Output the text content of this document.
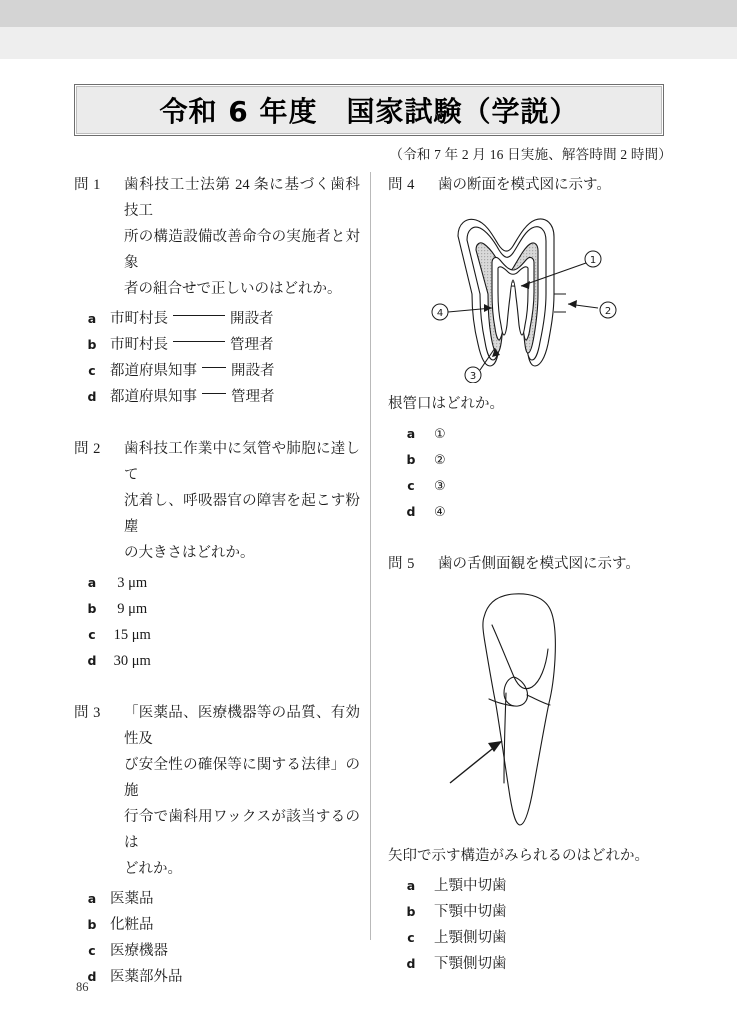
令和 6 年度　国家試験（学説）
（令和 7 年 2 月 16 日実施、解答時間 2 時間）
問 1	歯科技工士法第 24 条に基づく歯科技工
所の構造設備改善命令の実施者と対象
者の組合せで正しいのはどれか。
a 市町村長	開設者
b 市町村長	管理者
c 都道府県知事 開設者
d 都道府県知事 管理者
問 2	歯科技工作業中に気管や肺胞に達して
沈着し、呼吸器官の障害を起こす粉塵
の大きさはどれか。
a 3 μm
b 9 μm
c 15 μm
d 30 μm
問 3	「医薬品、医療機器等の品質、有効性及
び安全性の確保等に関する法律」の施
行令で歯科用ワックスが該当するのは
どれか。
a 医薬品
b 化粧品
c 医療機器
d 医薬部外品
問 4	歯の断面を模式図に示す。
1
2
3
4
根管口はどれか。
a	①
b	②
c	③
d	④
問 5	歯の舌側面観を模式図に示す。
矢印で示す構造がみられるのはどれか。
a	上顎中切歯
b	下顎中切歯
c	上顎側切歯
d	下顎側切歯
86
